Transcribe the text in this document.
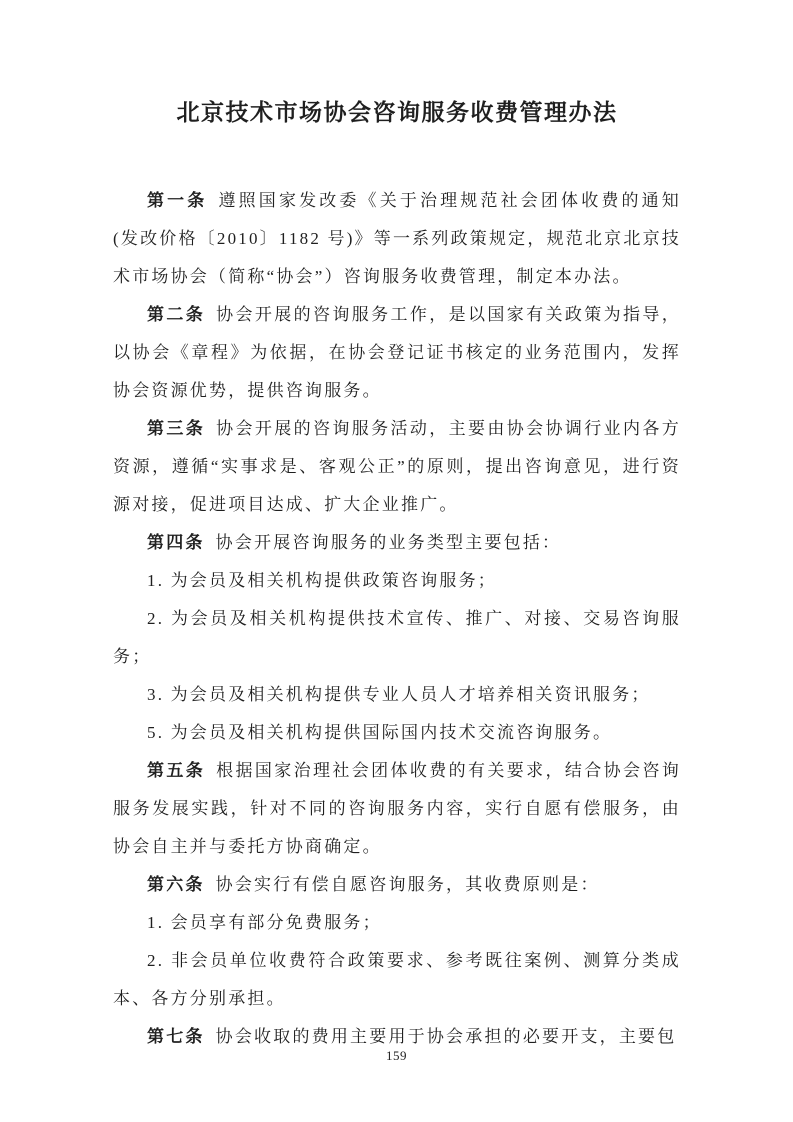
北京技术市场协会咨询服务收费管理办法

第一条 遵照国家发改委《关于治理规范社会团体收费的通知(发改价格〔2010〕1182 号)》等一系列政策规定，规范北京北京技术市场协会（简称“协会”）咨询服务收费管理，制定本办法。

第二条 协会开展的咨询服务工作，是以国家有关政策为指导，以协会《章程》为依据，在协会登记证书核定的业务范围内，发挥协会资源优势，提供咨询服务。

第三条 协会开展的咨询服务活动，主要由协会协调行业内各方资源，遵循“实事求是、客观公正”的原则，提出咨询意见，进行资源对接，促进项目达成、扩大企业推广。

第四条 协会开展咨询服务的业务类型主要包括：

1. 为会员及相关机构提供政策咨询服务；

2. 为会员及相关机构提供技术宣传、推广、对接、交易咨询服务；

3. 为会员及相关机构提供专业人员人才培养相关资讯服务；

5. 为会员及相关机构提供国际国内技术交流咨询服务。

第五条 根据国家治理社会团体收费的有关要求，结合协会咨询服务发展实践，针对不同的咨询服务内容，实行自愿有偿服务，由协会自主并与委托方协商确定。

第六条 协会实行有偿自愿咨询服务，其收费原则是：

1. 会员享有部分免费服务；

2. 非会员单位收费符合政策要求、参考既往案例、测算分类成本、各方分别承担。

第七条 协会收取的费用主要用于协会承担的必要开支，主要包

159
